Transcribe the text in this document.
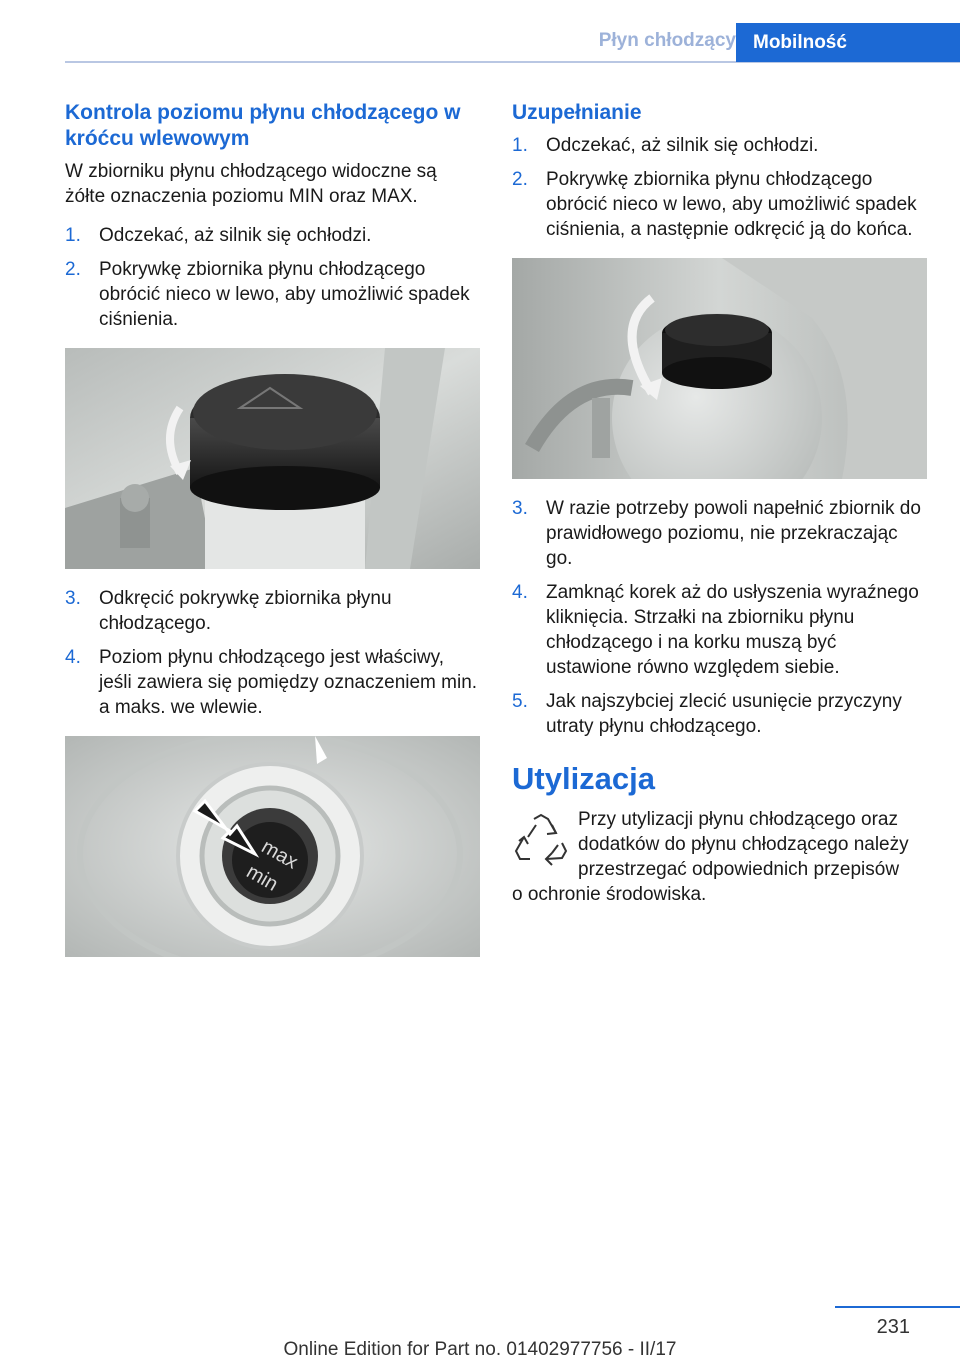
Płyn chłodzący Mobilność
Kontrola poziomu płynu chłodzącego w króćcu wlewowym

W zbiorniku płynu chłodzącego widoczne są żółte oznaczenia poziomu MIN oraz MAX.

1. Odczekać, aż silnik się ochłodzi.
2. Pokrywkę zbiornika płynu chłodzącego obrócić nieco w lewo, aby umożliwić spadek ciśnienia.
3. Odkręcić pokrywkę zbiornika płynu chłodzącego.
4. Poziom płynu chłodzącego jest właściwy, jeśli zawiera się pomiędzy oznaczeniem min. a maks. we wlewie.
max
min
Uzupełnianie
1. Odczekać, aż silnik się ochłodzi.
2. Pokrywkę zbiornika płynu chłodzącego obrócić nieco w lewo, aby umożliwić spadek ciśnienia, a następnie odkręcić ją do końca.
3. W razie potrzeby powoli napełnić zbiornik do prawidłowego poziomu, nie przekraczając go.
4. Zamknąć korek aż do usłyszenia wyraźnego kliknięcia. Strzałki na zbiorniku płynu chłodzącego i na korku muszą być ustawione równo względem siebie.
5. Jak najszybciej zlecić usunięcie przyczyny utraty płynu chłodzącego.
Utylizacja

Przy utylizacji płynu chłodzącego oraz
dodatków do płynu chłodzącego należy
przestrzegać odpowiednich przepisów
o ochronie środowiska.

231
Online Edition for Part no. 01402977756 - II/17
